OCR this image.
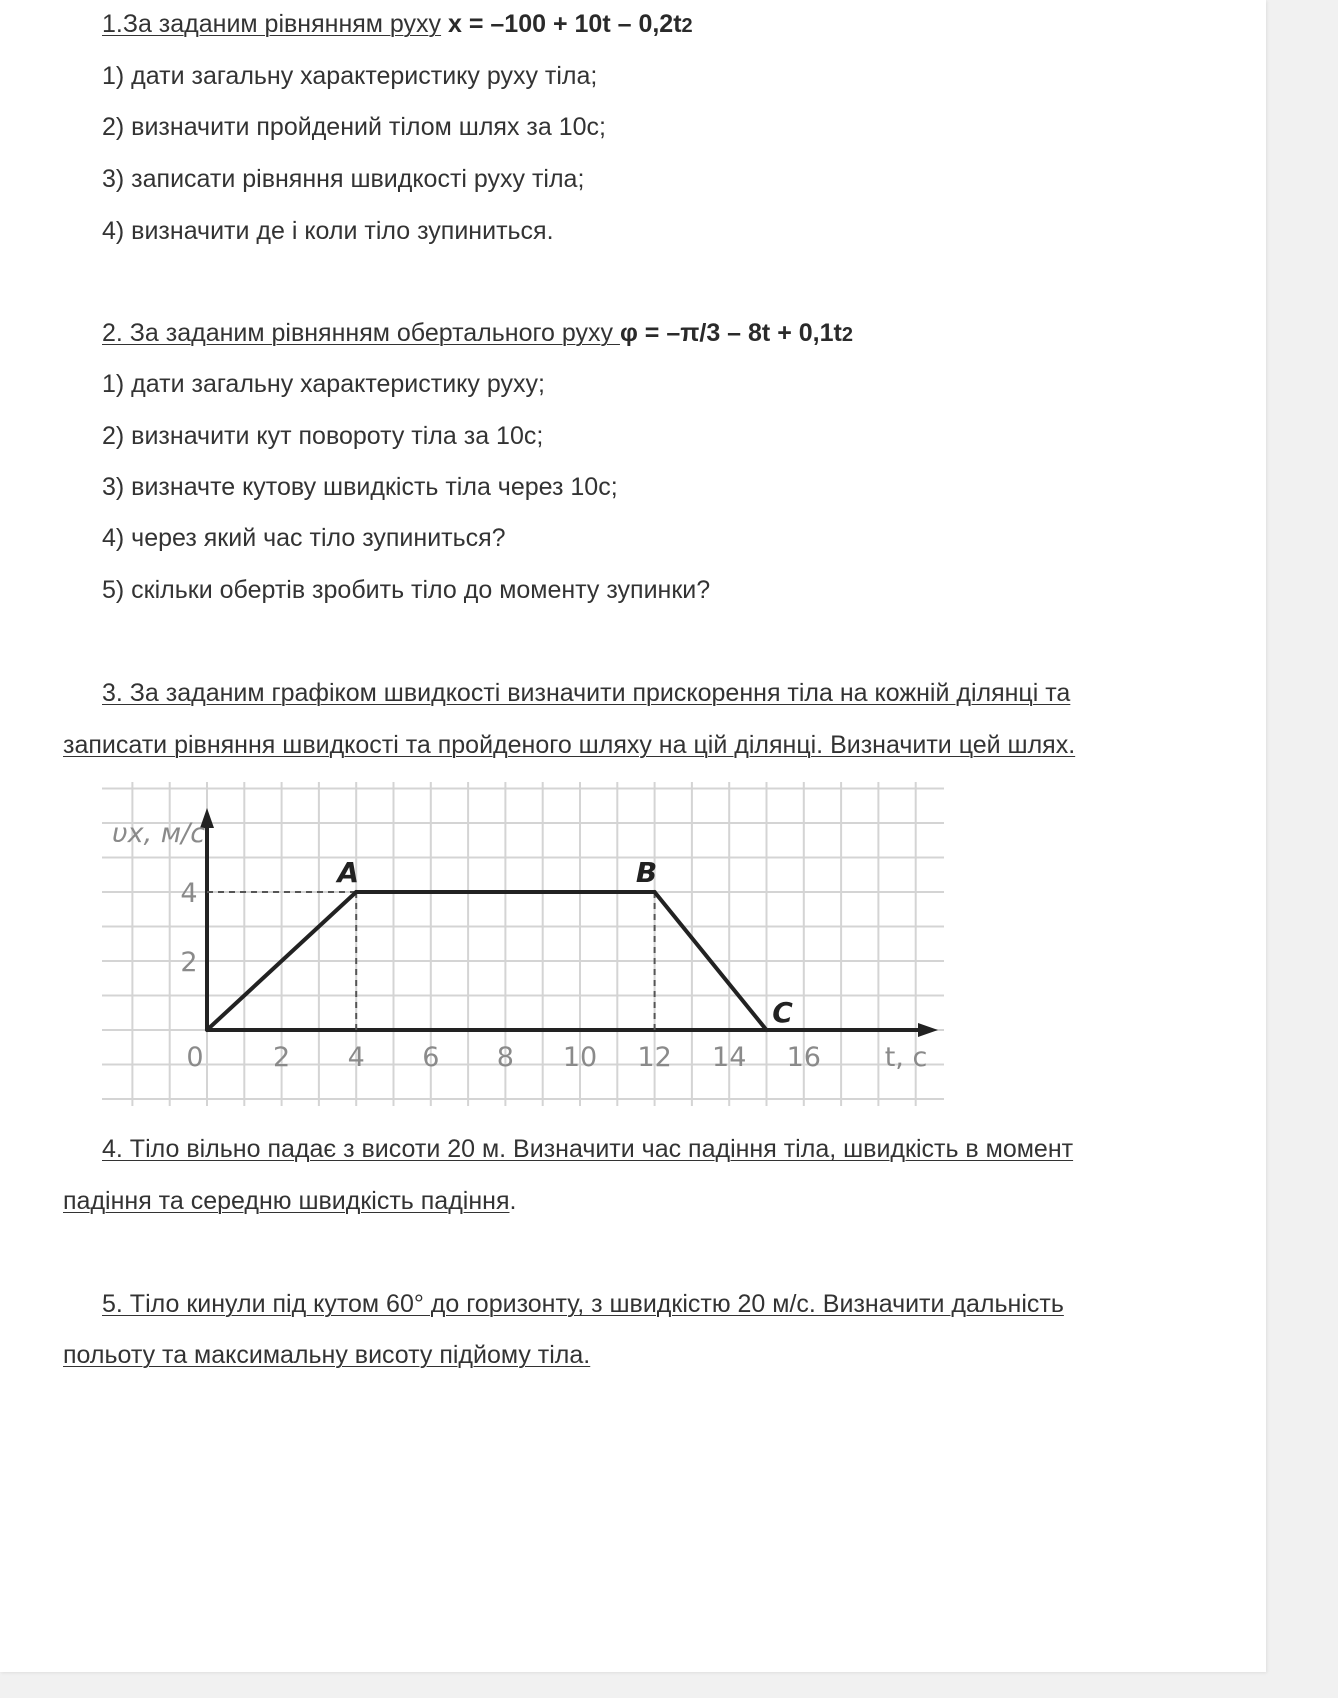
1.За заданим рівнянням руху x = –100 + 10t – 0,2t2
1) дати загальну характеристику руху тіла;
2) визначити пройдений тілом шлях за 10с;
3) записати рівняння швидкості руху тіла;
4) визначити де і коли тіло зупиниться.
2. За заданим рівнянням обертального руху φ = –π/3 – 8t + 0,1t2
1) дати загальну характеристику руху;
2) визначити кут повороту тіла за 10с;
3) визначте кутову швидкість тіла через 10с;
4) через який час тіло зупиниться?
5) скільки обертів зробить тіло до моменту зупинки?
3. За заданим графіком швидкості визначити прискорення тіла на кожній ділянці та
записати рівняння швидкості та пройденого шляху на цій ділянці. Визначити цей шлях.
0	2 4 6 8 10 12 14 16
2
4
t, c
υx, м/с
A	B
C
4. Тіло вільно падає з висоти 20 м. Визначити час падіння тіла, швидкість в момент
падіння та середню швидкість падіння.
5. Тіло кинули під кутом 60° до горизонту, з швидкістю 20 м/с. Визначити дальність
польоту та максимальну висоту підйому тіла.
